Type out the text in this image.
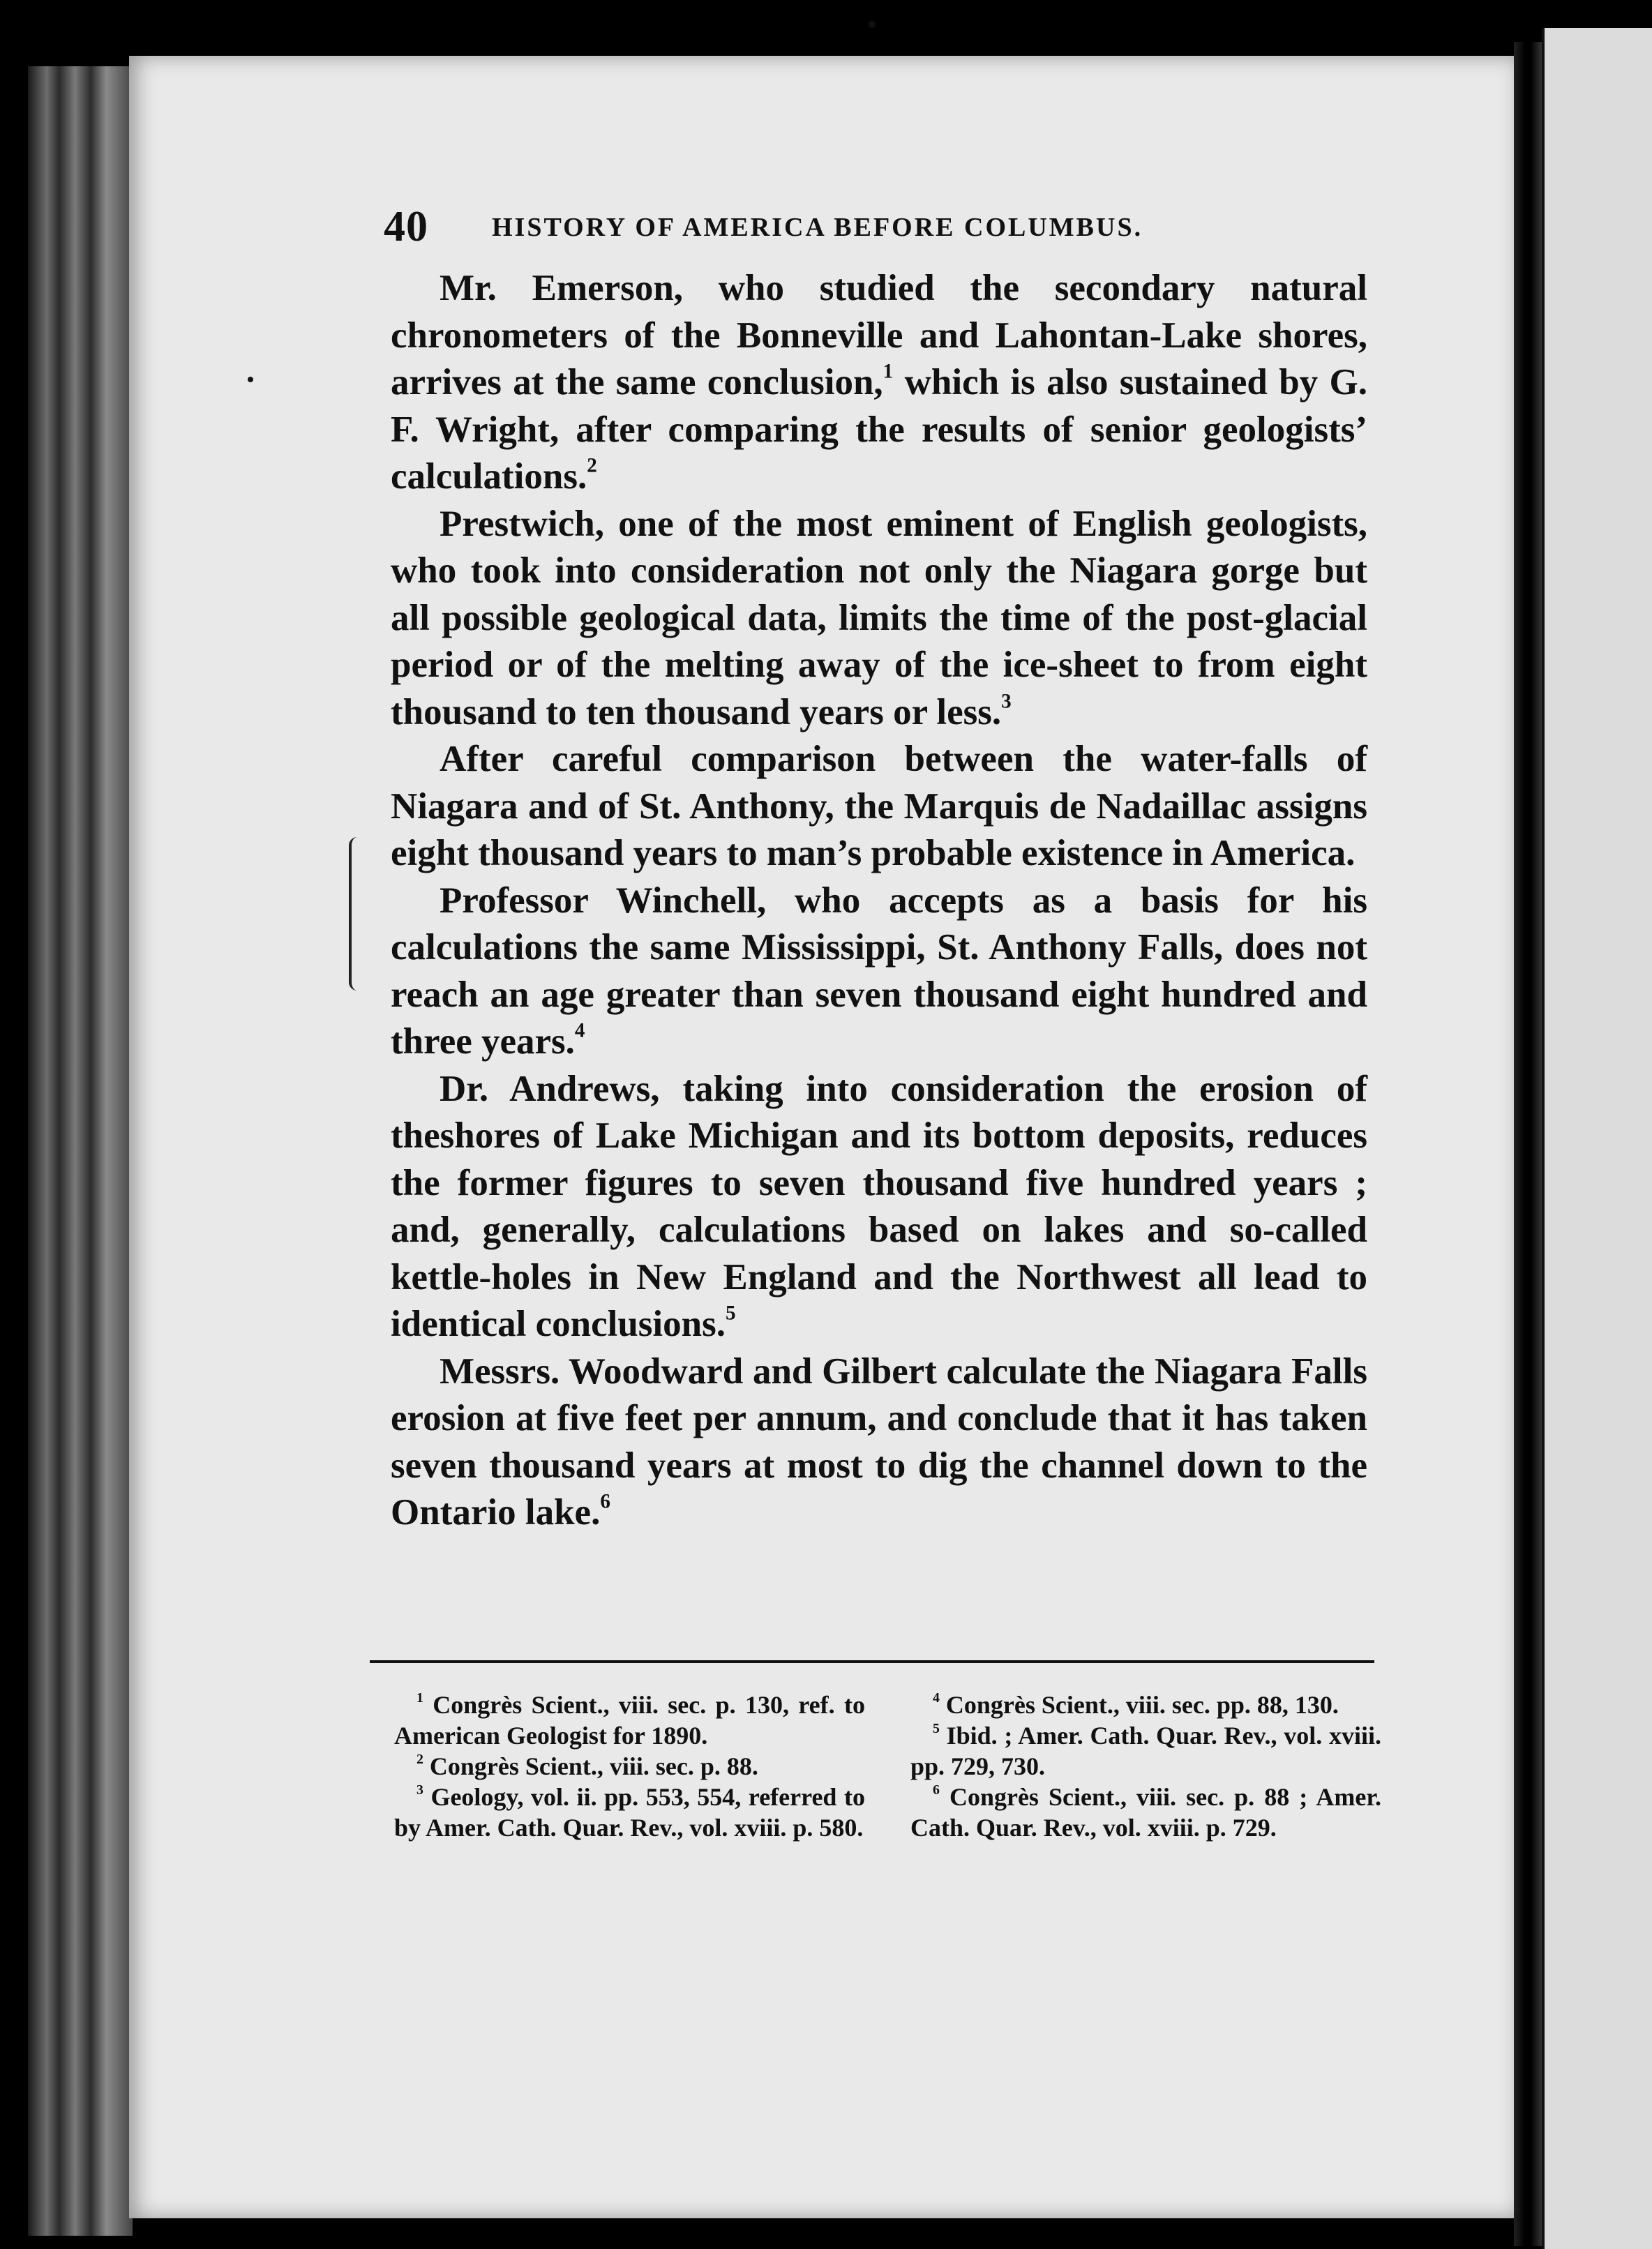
40 HISTORY OF AMERICA BEFORE COLUMBUS.

Mr. Emerson, who studied the secondary natural chronometers of the Bonneville and Lahontan-Lake shores, arrives at the same conclusion,$^1$ which is also sustained by G. F. Wright, after comparing the results of senior geologists’ calculations.$^2$

Prestwich, one of the most eminent of English geologists, who took into consideration not only the Niagara gorge but all possible geological data, limits the time of the post-glacial period or of the melting away of the ice-sheet to from eight thousand to ten thousand years or less.$^3$

After careful comparison between the water-falls of Niagara and of St. Anthony, the Marquis de Nadaillac assigns eight thousand years to man’s probable existence in America.

Professor Winchell, who accepts as a basis for his calculations the same Mississippi, St. Anthony Falls, does not reach an age greater than seven thousand eight hundred and three years.$^4$

Dr. Andrews, taking into consideration the erosion of theshores of Lake Michigan and its bottom deposits, reduces the former figures to seven thousand five hundred years ; and, generally, calculations based on lakes and so-called kettle-holes in New England and the Northwest all lead to identical conclusions.$^5$

Messrs. Woodward and Gilbert calculate the Niagara Falls erosion at five feet per annum, and conclude that it has taken seven thousand years at most to dig the channel down to the Ontario lake.$^6$

$^1$ Congrès Scient., viii. sec. p. 130, ref. to American Geologist for 1890.

$^2$ Congrès Scient., viii. sec. p. 88.

$^3$ Geology, vol. ii. pp. 553, 554, referred to by Amer. Cath. Quar. Rev., vol. xviii. p. 580.

$^4$ Congrès Scient., viii. sec. pp. 88, 130.

$^5$ Ibid. ; Amer. Cath. Quar. Rev., vol. xviii. pp. 729, 730.

$^6$ Congrès Scient., viii. sec. p. 88 ; Amer. Cath. Quar. Rev., vol. xviii. p. 729.
